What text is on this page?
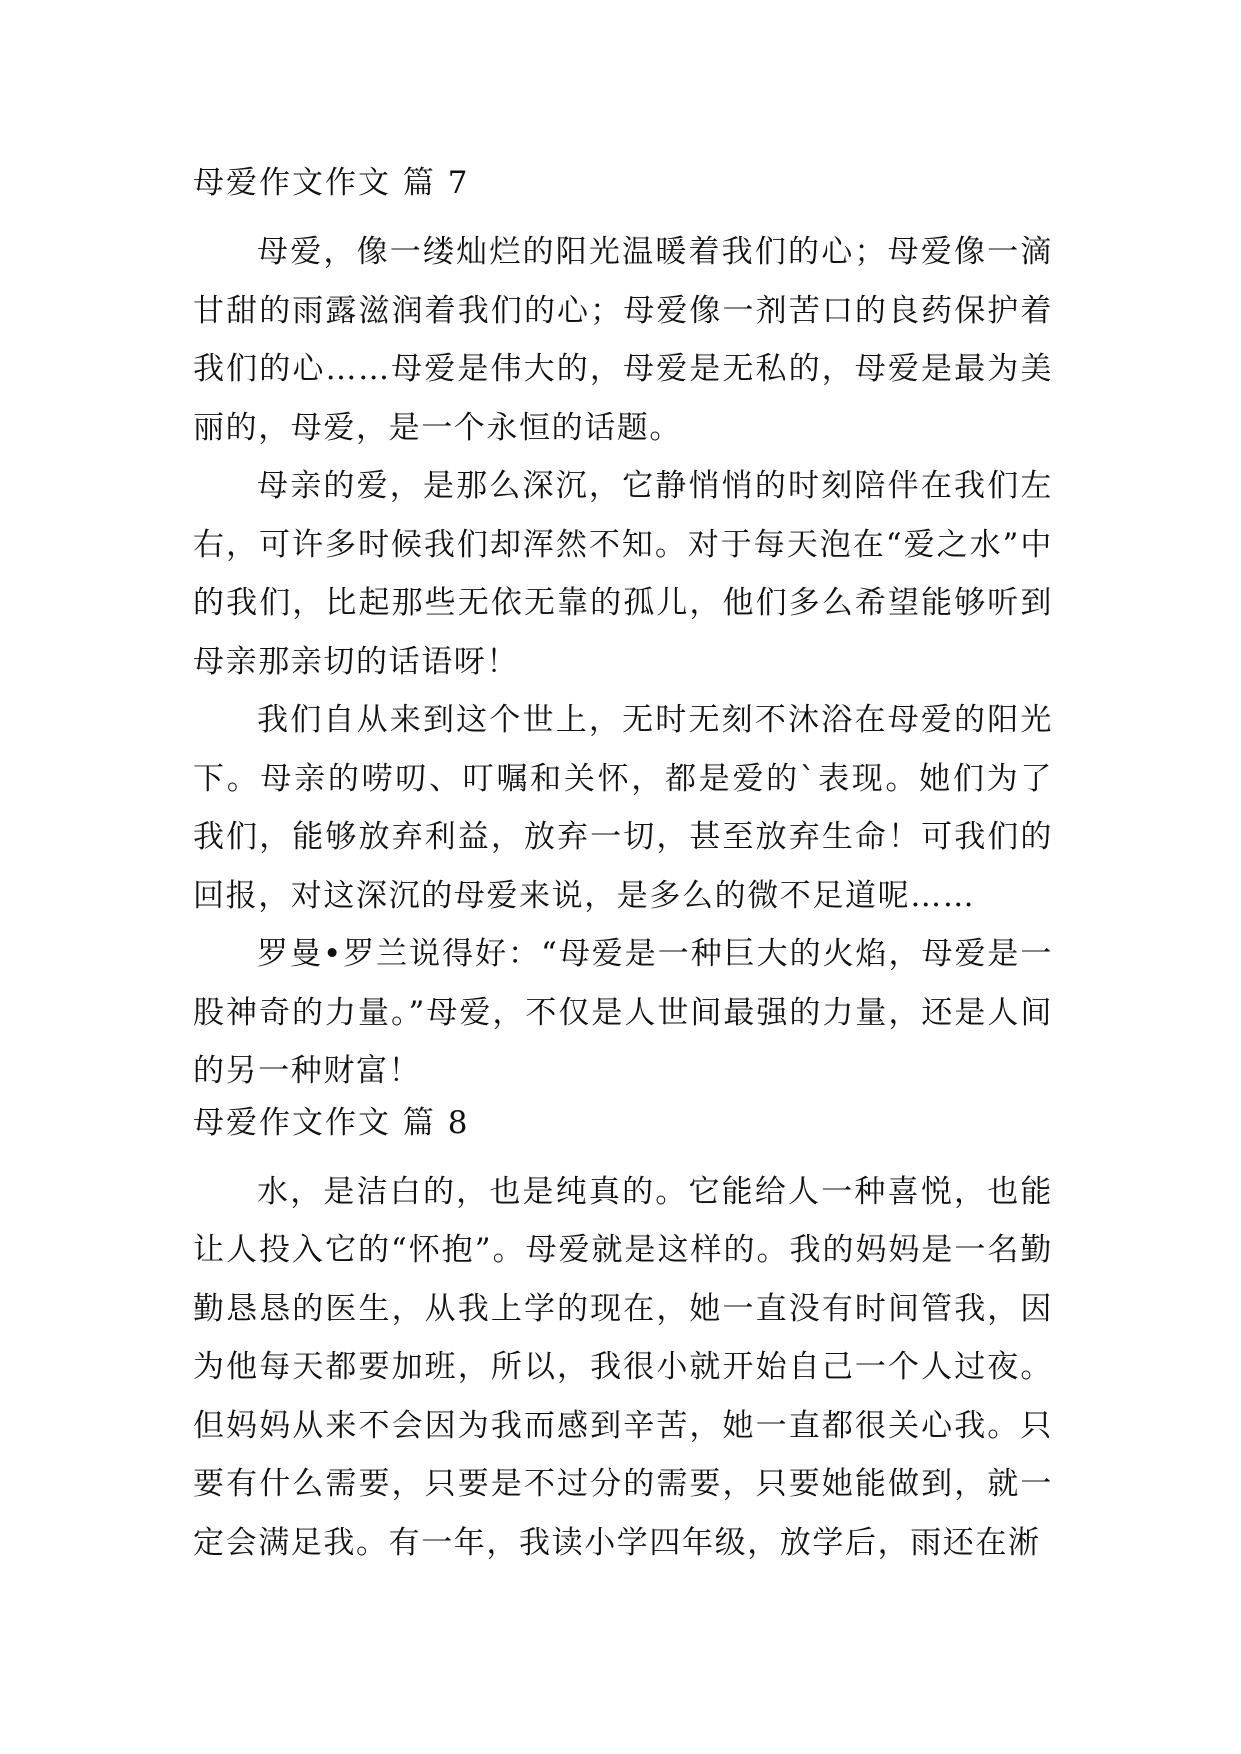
母爱作文作文 篇 7

母爱，像一缕灿烂的阳光温暖着我们的心；母爱像一滴甘甜的雨露滋润着我们的心；母爱像一剂苦口的良药保护着我们的心……母爱是伟大的，母爱是无私的，母爱是最为美丽的，母爱，是一个永恒的话题。

母亲的爱，是那么深沉，它静悄悄的时刻陪伴在我们左右，可许多时候我们却浑然不知。对于每天泡在“爱之水”中的我们，比起那些无依无靠的孤儿，他们多么希望能够听到母亲那亲切的话语呀！

我们自从来到这个世上，无时无刻不沐浴在母爱的阳光下。母亲的唠叨、叮嘱和关怀，都是爱的`表现。她们为了我们，能够放弃利益，放弃一切，甚至放弃生命！可我们的回报，对这深沉的母爱来说，是多么的微不足道呢……

罗曼•罗兰说得好：“母爱是一种巨大的火焰，母爱是一股神奇的力量。”母爱，不仅是人世间最强的力量，还是人间的另一种财富！

母爱作文作文 篇 8

水，是洁白的，也是纯真的。它能给人一种喜悦，也能让人投入它的“怀抱”。母爱就是这样的。我的妈妈是一名勤勤恳恳的医生，从我上学的现在，她一直没有时间管我，因为他每天都要加班，所以，我很小就开始自己一个人过夜。但妈妈从来不会因为我而感到辛苦，她一直都很关心我。只要有什么需要，只要是不过分的需要，只要她能做到，就一定会满足我。有一年，我读小学四年级，放学后，雨还在淅
